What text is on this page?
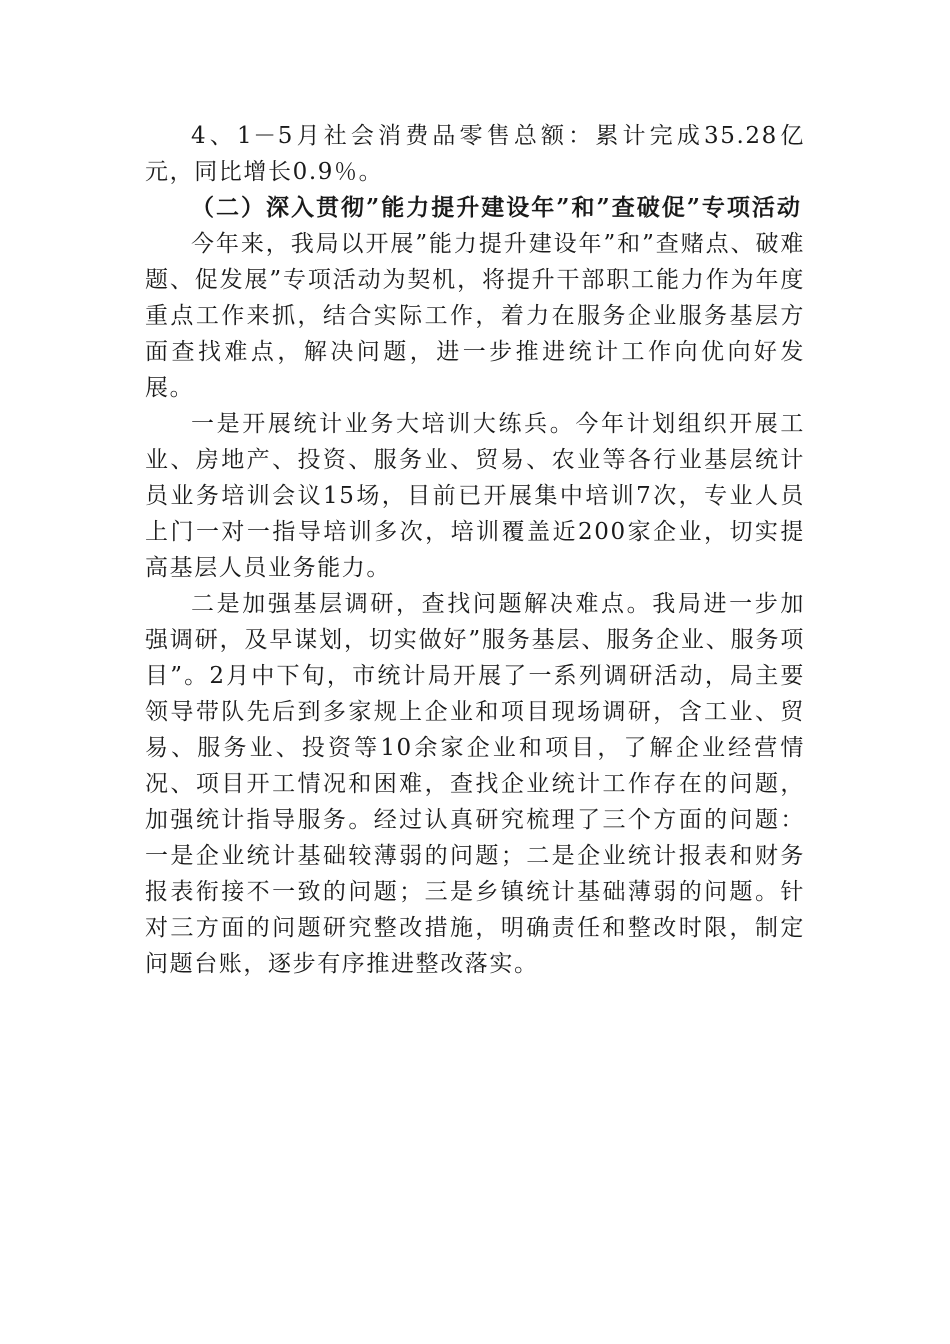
4、1－5月社会消费品零售总额：累计完成35.28亿元，同比增长0.9％。

（二）深入贯彻”能力提升建设年”和”查破促”专项活动

今年来，我局以开展”能力提升建设年”和”查赌点、破难题、促发展”专项活动为契机，将提升干部职工能力作为年度重点工作来抓，结合实际工作，着力在服务企业服务基层方面查找难点，解决问题，进一步推进统计工作向优向好发展。

一是开展统计业务大培训大练兵。今年计划组织开展工业、房地产、投资、服务业、贸易、农业等各行业基层统计员业务培训会议15场，目前已开展集中培训7次，专业人员上门一对一指导培训多次，培训覆盖近200家企业，切实提高基层人员业务能力。

二是加强基层调研，查找问题解决难点。我局进一步加强调研，及早谋划，切实做好”服务基层、服务企业、服务项目”。2月中下旬，市统计局开展了一系列调研活动，局主要领导带队先后到多家规上企业和项目现场调研，含工业、贸易、服务业、投资等10余家企业和项目，了解企业经营情况、项目开工情况和困难，查找企业统计工作存在的问题，加强统计指导服务。经过认真研究梳理了三个方面的问题：一是企业统计基础较薄弱的问题；二是企业统计报表和财务报表衔接不一致的问题；三是乡镇统计基础薄弱的问题。针对三方面的问题研究整改措施，明确责任和整改时限，制定问题台账，逐步有序推进整改落实。
